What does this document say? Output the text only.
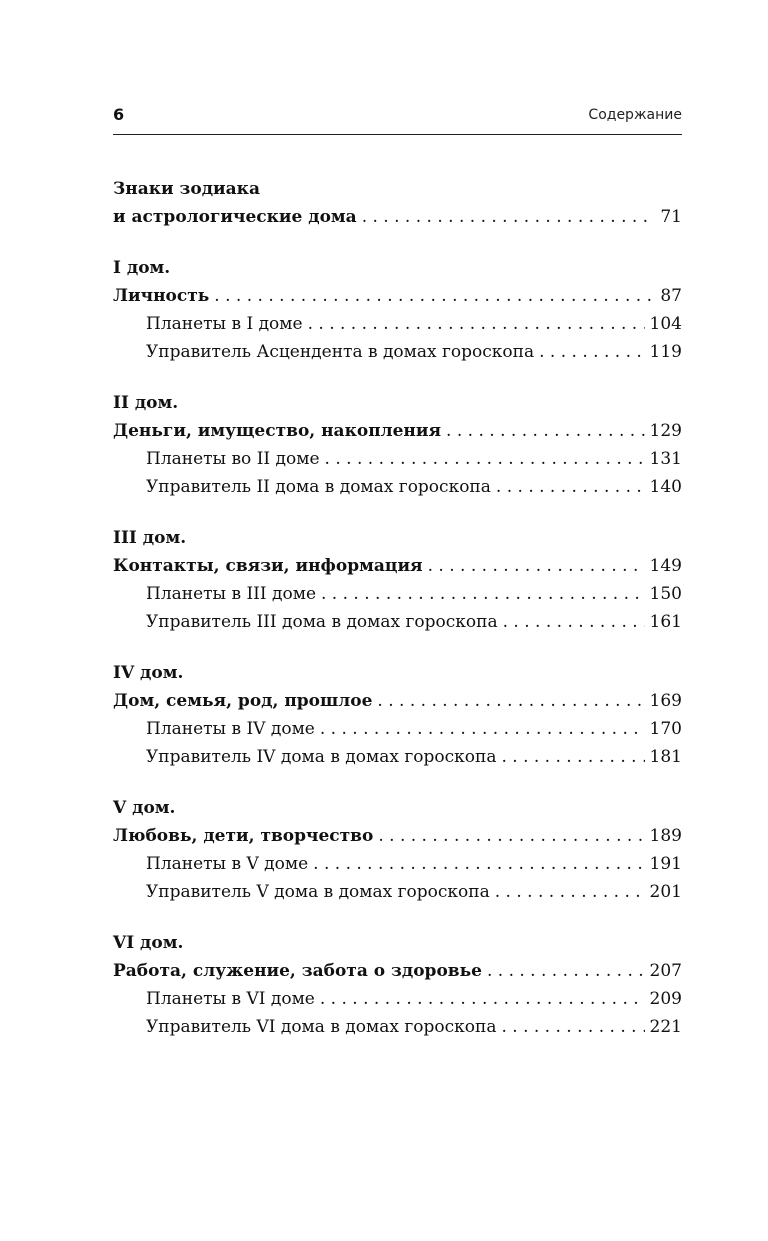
6	Содержание
Знаки зодиака
и астрологические дома . . .	71
I дом.
Личность . . .	87
Планеты в I доме . . .	104
Управитель Асцендента в домах гороскопа . . .	119
II дом.
Деньги, имущество, накопления . . .	129
Планеты во II доме . . .	131
Управитель II дома в домах гороскопа . . .	140
III дом.
Контакты, связи, информация . . .	149
Планеты в III доме . . .	150
Управитель III дома в домах гороскопа . . .	161
IV дом.
Дом, семья, род, прошлое . . .	169
Планеты в IV доме . . .	170
Управитель IV дома в домах гороскопа . . .	181
V дом.
Любовь, дети, творчество . . .	189
Планеты в V доме . . .	191
Управитель V дома в домах гороскопа . . .	201
VI дом.
Работа, служение, забота о здоровье . . .	207
Планеты в VI доме . . .	209
Управитель VI дома в домах гороскопа . . .	221
